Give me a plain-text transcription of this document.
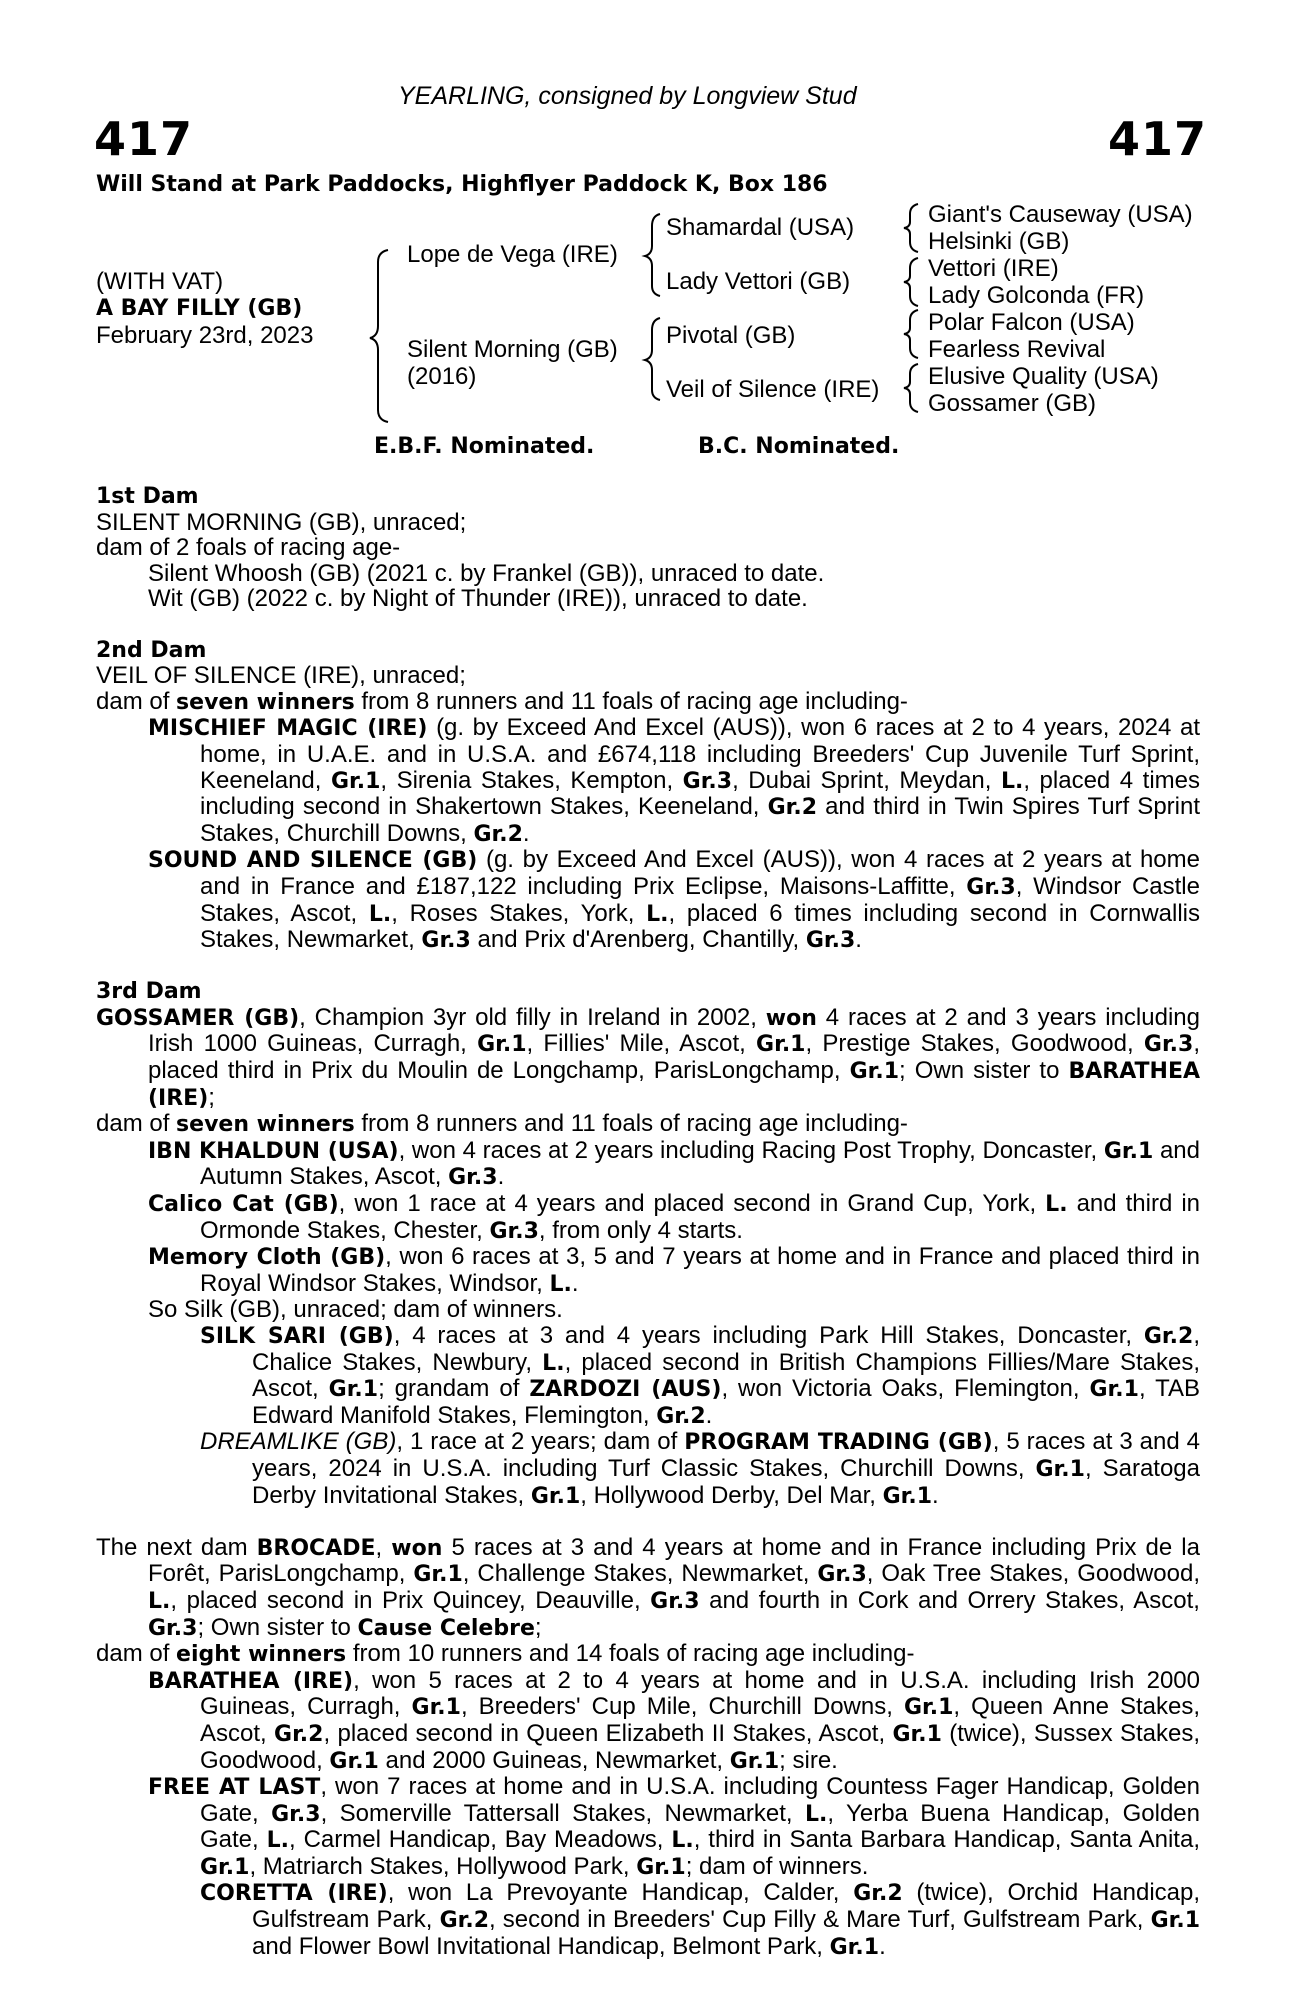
YEARLING, consigned by Longview Stud
417	417
Will Stand at Park Paddocks, Highflyer Paddock K, Box 186
(WITH VAT)
A BAY FILLY (GB)
February 23rd, 2023
Lope de Vega (IRE)
Silent Morning (GB)
(2016)
Shamardal (USA)
Lady Vettori (GB)
Pivotal (GB)
Veil of Silence (IRE)
Giant's Causeway (USA)
Helsinki (GB)
Vettori (IRE)
Lady Golconda (FR)
Polar Falcon (USA)
Fearless Revival
Elusive Quality (USA)
Gossamer (GB)
E.B.F. Nominated.	B.C. Nominated.
1st Dam

SILENT MORNING (GB), unraced;

dam of 2 foals of racing age-

Silent Whoosh (GB) (2021 c. by Frankel (GB)), unraced to date.

Wit (GB) (2022 c. by Night of Thunder (IRE)), unraced to date.

2nd Dam

VEIL OF SILENCE (IRE), unraced;

dam of seven winners from 8 runners and 11 foals of racing age including-

MISCHIEF MAGIC (IRE) (g. by Exceed And Excel (AUS)), won 6 races at 2 to 4 years, 2024 at home, in U.A.E. and in U.S.A. and £674,118 including Breeders' Cup Juvenile Turf Sprint, Keeneland, Gr.1, Sirenia Stakes, Kempton, Gr.3, Dubai Sprint, Meydan, L., placed 4 times including second in Shakertown Stakes, Keeneland, Gr.2 and third in Twin Spires Turf Sprint Stakes, Churchill Downs, Gr.2.

SOUND AND SILENCE (GB) (g. by Exceed And Excel (AUS)), won 4 races at 2 years at home and in France and £187,122 including Prix Eclipse, Maisons-Laffitte, Gr.3, Windsor Castle Stakes, Ascot, L., Roses Stakes, York, L., placed 6 times including second in Cornwallis Stakes, Newmarket, Gr.3 and Prix d'Arenberg, Chantilly, Gr.3.

3rd Dam

GOSSAMER (GB), Champion 3yr old filly in Ireland in 2002, won 4 races at 2 and 3 years including Irish 1000 Guineas, Curragh, Gr.1, Fillies' Mile, Ascot, Gr.1, Prestige Stakes, Goodwood, Gr.3, placed third in Prix du Moulin de Longchamp, ParisLongchamp, Gr.1; Own sister to BARATHEA (IRE);

dam of seven winners from 8 runners and 11 foals of racing age including-

IBN KHALDUN (USA), won 4 races at 2 years including Racing Post Trophy, Doncaster, Gr.1 and Autumn Stakes, Ascot, Gr.3.

Calico Cat (GB), won 1 race at 4 years and placed second in Grand Cup, York, L. and third in Ormonde Stakes, Chester, Gr.3, from only 4 starts.

Memory Cloth (GB), won 6 races at 3, 5 and 7 years at home and in France and placed third in Royal Windsor Stakes, Windsor, L..

So Silk (GB), unraced; dam of winners.

SILK SARI (GB), 4 races at 3 and 4 years including Park Hill Stakes, Doncaster, Gr.2, Chalice Stakes, Newbury, L., placed second in British Champions Fillies/Mare Stakes, Ascot, Gr.1; grandam of ZARDOZI (AUS), won Victoria Oaks, Flemington, Gr.1, TAB Edward Manifold Stakes, Flemington, Gr.2.

DREAMLIKE (GB), 1 race at 2 years; dam of PROGRAM TRADING (GB), 5 races at 3 and 4 years, 2024 in U.S.A. including Turf Classic Stakes, Churchill Downs, Gr.1, Saratoga Derby Invitational Stakes, Gr.1, Hollywood Derby, Del Mar, Gr.1.

The next dam BROCADE, won 5 races at 3 and 4 years at home and in France including Prix de la Forêt, ParisLongchamp, Gr.1, Challenge Stakes, Newmarket, Gr.3, Oak Tree Stakes, Goodwood, L., placed second in Prix Quincey, Deauville, Gr.3 and fourth in Cork and Orrery Stakes, Ascot, Gr.3; Own sister to Cause Celebre;

dam of eight winners from 10 runners and 14 foals of racing age including-

BARATHEA (IRE), won 5 races at 2 to 4 years at home and in U.S.A. including Irish 2000 Guineas, Curragh, Gr.1, Breeders' Cup Mile, Churchill Downs, Gr.1, Queen Anne Stakes, Ascot, Gr.2, placed second in Queen Elizabeth II Stakes, Ascot, Gr.1 (twice), Sussex Stakes, Goodwood, Gr.1 and 2000 Guineas, Newmarket, Gr.1; sire.

FREE AT LAST, won 7 races at home and in U.S.A. including Countess Fager Handicap, Golden Gate, Gr.3, Somerville Tattersall Stakes, Newmarket, L., Yerba Buena Handicap, Golden Gate, L., Carmel Handicap, Bay Meadows, L., third in Santa Barbara Handicap, Santa Anita, Gr.1, Matriarch Stakes, Hollywood Park, Gr.1; dam of winners.

CORETTA (IRE), won La Prevoyante Handicap, Calder, Gr.2 (twice), Orchid Handicap, Gulfstream Park, Gr.2, second in Breeders' Cup Filly & Mare Turf, Gulfstream Park, Gr.1 and Flower Bowl Invitational Handicap, Belmont Park, Gr.1.
